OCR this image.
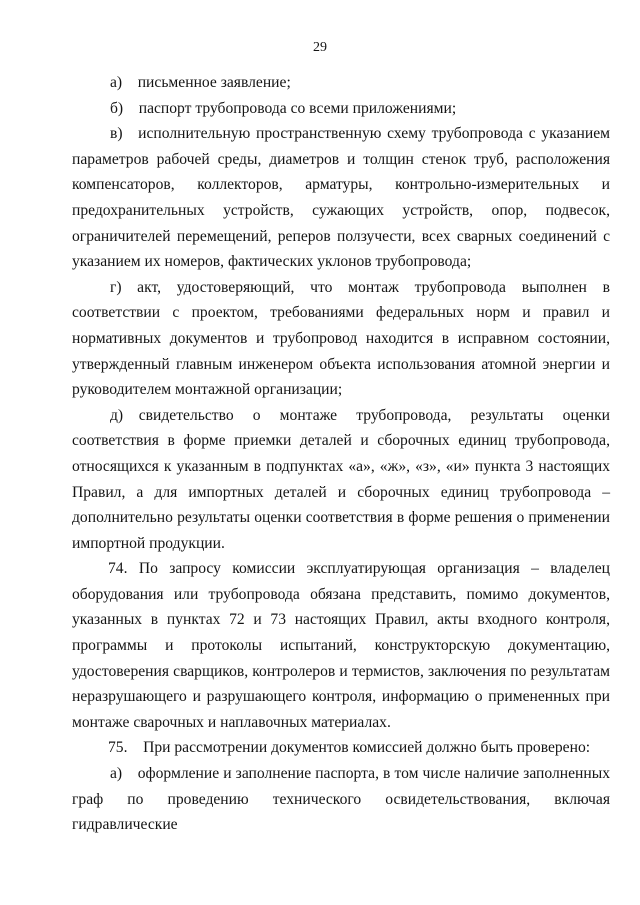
29

а) письменное заявление;

б) паспорт трубопровода со всеми приложениями;

в) исполнительную пространственную схему трубопровода с указанием параметров рабочей среды, диаметров и толщин стенок труб, расположения компенсаторов, коллекторов, арматуры, контрольно-измерительных и предохранительных устройств, сужающих устройств, опор, подвесок, ограничителей перемещений, реперов ползучести, всех сварных соединений с указанием их номеров, фактических уклонов трубопровода;

г) акт, удостоверяющий, что монтаж трубопровода выполнен в соответствии с проектом, требованиями федеральных норм и правил и нормативных документов и трубопровод находится в исправном состоянии, утвержденный главным инженером объекта использования атомной энергии и руководителем монтажной организации;

д) свидетельство о монтаже трубопровода, результаты оценки соответствия в форме приемки деталей и сборочных единиц трубопровода, относящихся к указанным в подпунктах «а», «ж», «з», «и» пункта 3 настоящих Правил, а для импортных деталей и сборочных единиц трубопровода – дополнительно результаты оценки соответствия в форме решения о применении импортной продукции.

74. По запросу комиссии эксплуатирующая организация – владелец оборудования или трубопровода обязана представить, помимо документов, указанных в пунктах 72 и 73 настоящих Правил, акты входного контроля, программы и протоколы испытаний, конструкторскую документацию, удостоверения сварщиков, контролеров и термистов, заключения по результатам неразрушающего и разрушающего контроля, информацию о примененных при монтаже сварочных и наплавочных материалах.

75. При рассмотрении документов комиссией должно быть проверено:

а) оформление и заполнение паспорта, в том числе наличие заполненных граф по проведению технического освидетельствования, включая гидравлические
